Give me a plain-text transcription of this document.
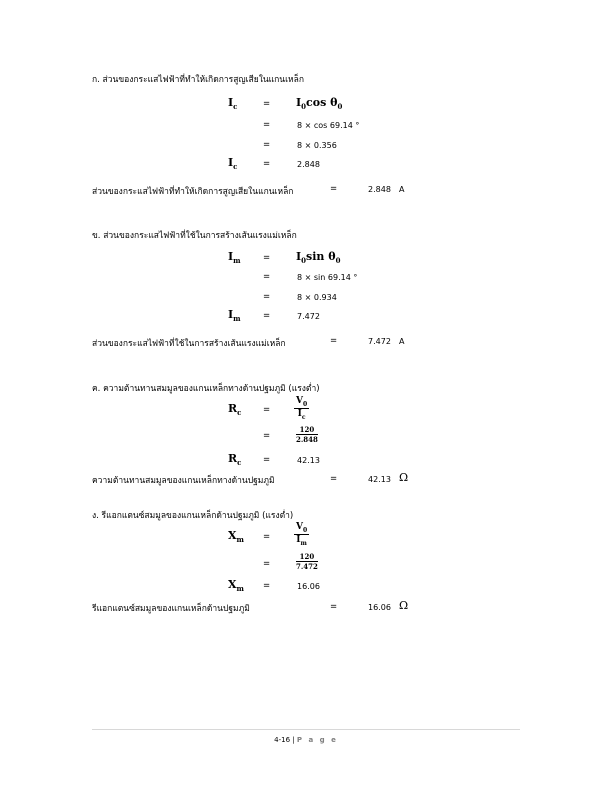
ก. ส่วนของกระแสไฟฟ้าที่ทำให้เกิดการสูญเสียในแกนเหล็ก
$I_c$	= $I_0\cos$ $\theta_0$
=	8 × cos 69.14 °
=	8 × 0.356
$I_c$	=	2.848
ส่วนของกระแสไฟฟ้าที่ทำให้เกิดการสูญเสียในแกนเหล็ก	=	2.848 A
ข. ส่วนของกระแสไฟฟ้าที่ใช้ในการสร้างเส้นแรงแม่เหล็ก
$I_m$	= $I_0\sin$ $\theta_0$
=	8 × sin 69.14 °
=	8 × 0.934
$I_m$	=	7.472
ส่วนของกระแสไฟฟ้าที่ใช้ในการสร้างเส้นแรงแม่เหล็ก	=	7.472 A
ค. ความต้านทานสมมูลของแกนเหล็กทางด้านปฐมภูมิ (แรงต่ำ)
$R_c$	=	$\frac{V_0}{I_c}$
=	$\frac{120}{2.848}$
$R_c$	=	42.13
ความต้านทานสมมูลของแกนเหล็กทางด้านปฐมภูมิ	=	42.13 Ω
ง. รีแอกแตนซ์สมมูลของแกนเหล็กด้านปฐมภูมิ (แรงต่ำ)
$X_m$ =	$\frac{V_0}{I_m}$
=	$\frac{120}{7.472}$
$X_m$ =	16.06
รีแอกแตนซ์สมมูลของแกนเหล็กด้านปฐมภูมิ	=	16.06 Ω
4-16 | P a g e
